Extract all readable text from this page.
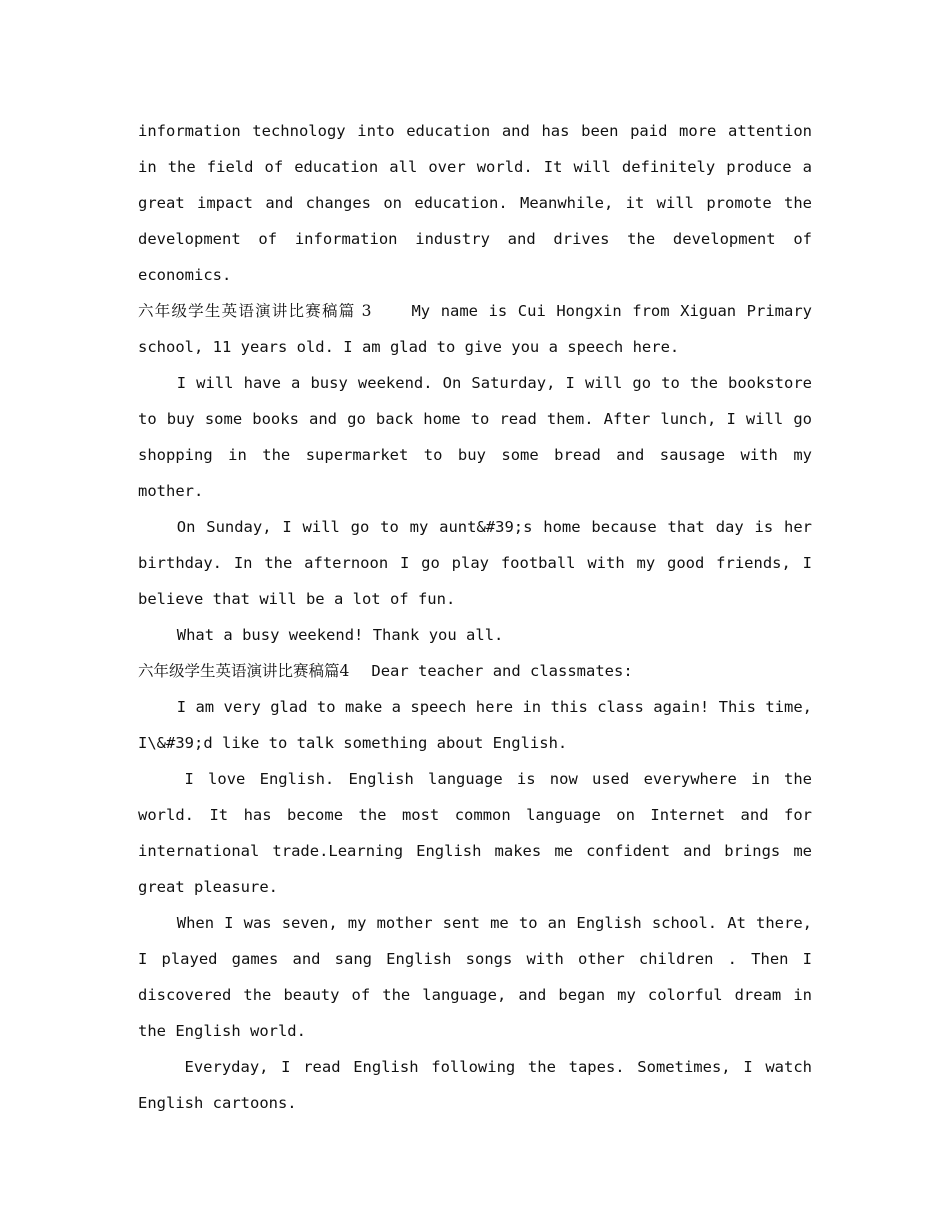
information technology into education and has been paid more attention in the field of education all over world. It will definitely produce a great impact and changes on education. Meanwhile, it will promote the development of information industry and drives the development of economics.

六年级学生英语演讲比赛稿篇 3	My name is Cui Hongxin from Xiguan Primary school, 11 years old. I am glad to give you a speech here.

I will have a busy weekend. On Saturday, I will go to the bookstore to buy some books and go back home to read them. After lunch, I will go shopping in the supermarket to buy some bread and sausage with my mother.

On Sunday, I will go to my aunt&#39;s home because that day is her birthday. In the afternoon I go play football with my good friends, I believe that will be a lot of fun.

What a busy weekend! Thank you all.

六年级学生英语演讲比赛稿篇4 Dear teacher and classmates:

I am very glad to make a speech here in this class again! This time, I\&#39;d like to talk something about English.

I love English. English language is now used everywhere in the world. It has become the most common language on Internet and for international trade.Learning English makes me confident and brings me great pleasure.

When I was seven, my mother sent me to an English school. At there, I played games and sang English songs with other children . Then I discovered the beauty of the language, and began my colorful dream in the English world.

Everyday, I read English following the tapes. Sometimes, I watch English cartoons.
